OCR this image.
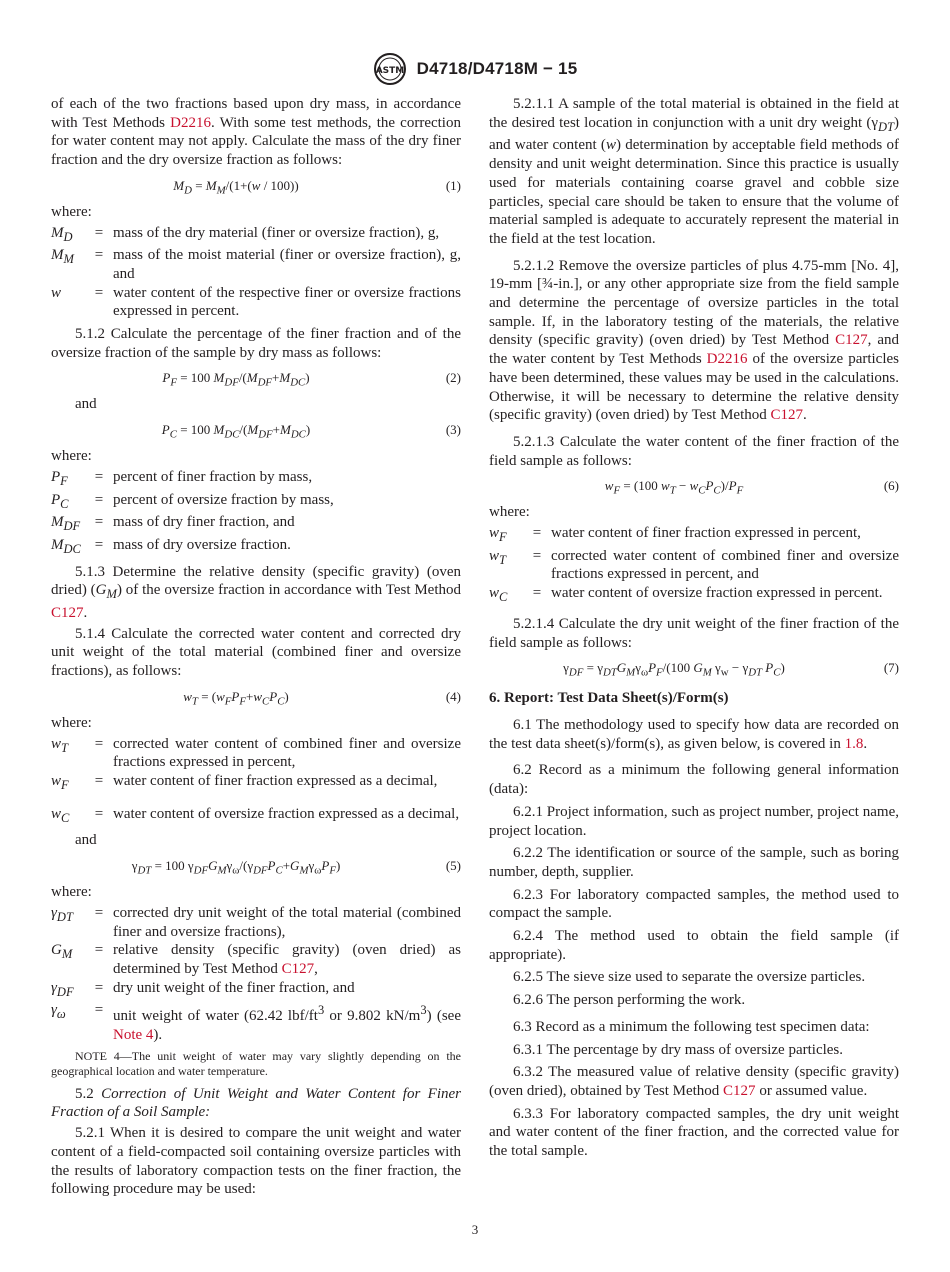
ASTM D4718/D4718M − 15

of each of the two fractions based upon dry mass, in accordance with Test Methods D2216. With some test methods, the correction for water content may not apply. Calculate the mass of the dry finer fraction and the dry oversize fraction as follows:

$M_D = M_M/(1+(w / 100))$	(1)

where:

$M_D$	= mass of the dry material (finer or oversize fraction), g,
$M_M$	= mass of the moist material (finer or oversize fraction), g, and
w	= water content of the respective finer or oversize fractions expressed in percent.

5.1.2 Calculate the percentage of the finer fraction and of the oversize fraction of the sample by dry mass as follows:

$P_F = 100$ $M_{DF}/(M_{DF}+M_{DC})$	(2)

and

$P_C = 100$ $M_{DC}/(M_{DF}+M_{DC})$	(3)

where:

$P_F$	= percent of finer fraction by mass,
$P_C$	= percent of oversize fraction by mass,
$M_{DF}$ = mass of dry finer fraction, and
$M_{DC}$ = mass of dry oversize fraction.

5.1.3 Determine the relative density (specific gravity) (oven dried) $(G_M)$ of the oversize fraction in accordance with Test Method C127.

5.1.4 Calculate the corrected water content and corrected dry unit weight of the total material (combined finer and oversize fractions), as follows:

$w_T = (w_FP_F+w_CP_C)$	(4)

where:

$w_T$	= corrected water content of combined finer and oversize fractions expressed in percent,
$w_F$	= water content of finer fraction expressed as a decimal,
$w_C$	= water content of oversize fraction expressed as a decimal,

and

$\gamma_{DT} = 100$ $\gamma_{DF}G_M\gamma_\omega/(\gamma_{DF}P_C+G_M\gamma_\omega P_F)$	(5)

where:

$\gamma_{DT}$	= corrected dry unit weight of the total material (combined finer and oversize fractions),
$G_M$	= relative density (specific gravity) (oven dried) as determined by Test Method C127,
$\gamma_{DF}$	= dry unit weight of the finer fraction, and
$\gamma_\omega$	= unit weight of water (62.42 lbf/$ft^3$ or 9.802 $kN/m^3$) (see Note 4).
NOTE 4—The unit weight of water may vary slightly depending on the geographical location and water temperature.

5.2 Correction of Unit Weight and Water Content for Finer Fraction of a Soil Sample:

5.2.1 When it is desired to compare the unit weight and water content of a field-compacted soil containing oversize particles with the results of laboratory compaction tests on the finer fraction, the following procedure may be used:

5.2.1.1 A sample of the total material is obtained in the field at the desired test location in conjunction with a unit dry weight $(\gamma_{DT})$ and water content (w) determination by acceptable field methods of density and unit weight determination. Since this practice is usually used for materials containing coarse gravel and cobble size particles, special care should be taken to ensure that the volume of material sampled is adequate to accurately represent the material in the field at the test location.

5.2.1.2 Remove the oversize particles of plus 4.75-mm [No. 4], 19-mm [¾-in.], or any other appropriate size from the field sample and determine the percentage of oversize particles in the total sample. If, in the laboratory testing of the materials, the relative density (specific gravity) (oven dried) by Test Method C127, and the water content by Test Methods D2216 of the oversize particles have been determined, these values may be used in the calculations. Otherwise, it will be necessary to determine the relative density (specific gravity) (oven dried) by Test Method C127.

5.2.1.3 Calculate the water content of the finer fraction of the field sample as follows:

$w_F = (100$ $w_T - w_CP_C)/P_F$	(6)

where:

$w_F$	= water content of finer fraction expressed in percent,
$w_T$	= corrected water content of combined finer and oversize fractions expressed in percent, and
$w_C$	= water content of oversize fraction expressed in percent.

5.2.1.4 Calculate the dry unit weight of the finer fraction of the field sample as follows:

$\gamma_{DF} = \gamma_{DT}G_M\gamma_\omega P_F/(100$ $G_M$ $\gamma_w - \gamma_{DT}$ $P_C$)	(7)
6. Report: Test Data Sheet(s)/Form(s)

6.1 The methodology used to specify how data are recorded on the test data sheet(s)/form(s), as given below, is covered in 1.8.

6.2 Record as a minimum the following general information (data):

6.2.1 Project information, such as project number, project name, project location.

6.2.2 The identification or source of the sample, such as boring number, depth, supplier.

6.2.3 For laboratory compacted samples, the method used to compact the sample.

6.2.4 The method used to obtain the field sample (if appropriate).

6.2.5 The sieve size used to separate the oversize particles.

6.2.6 The person performing the work.

6.3 Record as a minimum the following test specimen data:

6.3.1 The percentage by dry mass of oversize particles.

6.3.2 The measured value of relative density (specific gravity) (oven dried), obtained by Test Method C127 or assumed value.

6.3.3 For laboratory compacted samples, the dry unit weight and water content of the finer fraction, and the corrected value for the total sample.

3
